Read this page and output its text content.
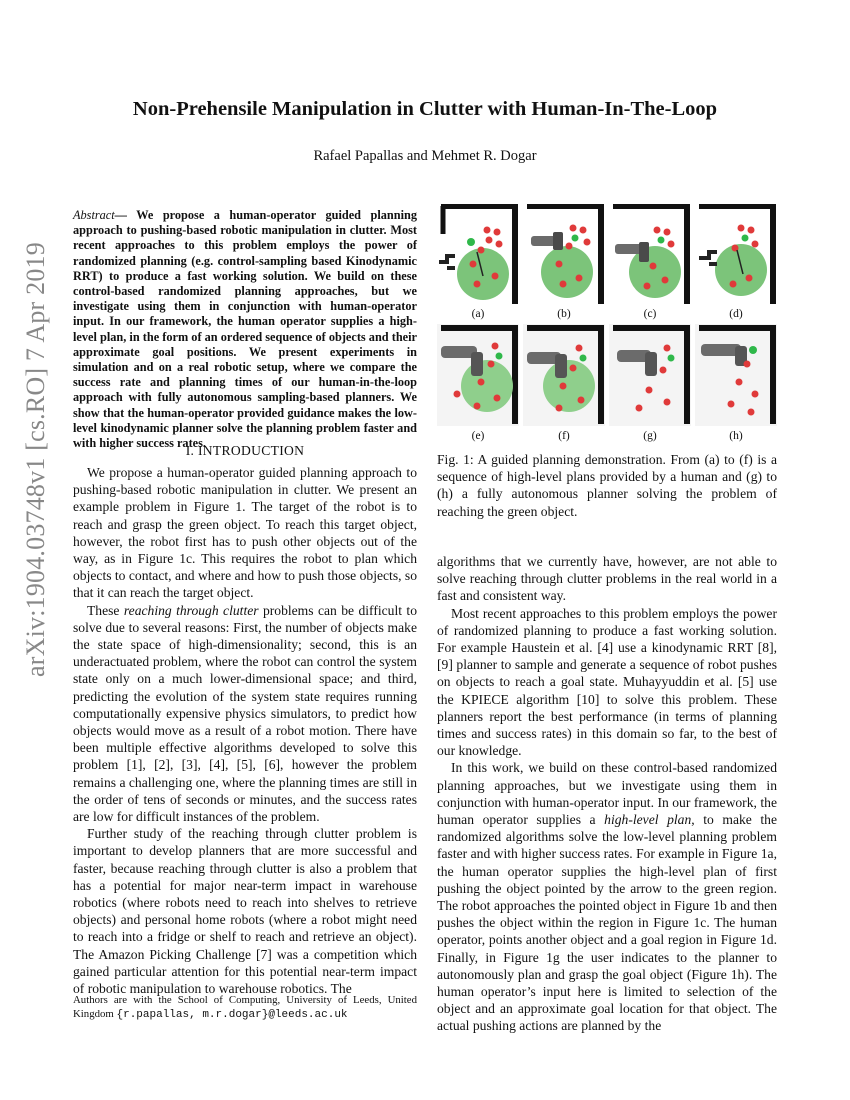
Non-Prehensile Manipulation in Clutter with Human-In-The-Loop
Rafael Papallas and Mehmet R. Dogar
arXiv:1904.03748v1 [cs.RO] 7 Apr 2019
Abstract— We propose a human-operator guided planning approach to pushing-based robotic manipulation in clutter. Most recent approaches to this problem employs the power of randomized planning (e.g. control-sampling based Kinodynamic RRT) to produce a fast working solution. We build on these control-based randomized planning approaches, but we investigate using them in conjunction with human-operator input. In our framework, the human operator supplies a high-level plan, in the form of an ordered sequence of objects and their approximate goal positions. We present experiments in simulation and on a real robotic setup, where we compare the success rate and planning times of our human-in-the-loop approach with fully autonomous sampling-based planners. We show that the human-operator provided guidance makes the low-level kinodynamic planner solve the planning problem faster and with higher success rates.
I. INTRODUCTION

We propose a human-operator guided planning approach to pushing-based robotic manipulation in clutter. We present an example problem in Figure 1. The target of the robot is to reach and grasp the green object. To reach this target object, however, the robot first has to push other objects out of the way, as in Figure 1c. This requires the robot to plan which objects to contact, and where and how to push those objects, so that it can reach the target object.

These reaching through clutter problems can be difficult to solve due to several reasons: First, the number of objects make the state space of high-dimensionality; second, this is an underactuated problem, where the robot can control the system state only on a much lower-dimensional space; and third, predicting the evolution of the system state requires running computationally expensive physics simulators, to predict how objects would move as a result of a robot motion. There have been multiple effective algorithms developed to solve this problem [1], [2], [3], [4], [5], [6], however the problem remains a challenging one, where the planning times are still in the order of tens of seconds or minutes, and the success rates are low for difficult instances of the problem.

Further study of the reaching through clutter problem is important to develop planners that are more successful and faster, because reaching through clutter is also a problem that has a potential for major near-term impact in warehouse robotics (where robots need to reach into shelves to retrieve objects) and personal home robots (where a robot might need to reach into a fridge or shelf to reach and retrieve an object). The Amazon Picking Challenge [7] was a competition which gained particular attention for this potential near-term impact of robotic manipulation to warehouse robotics. The

Authors are with the School of Computing, University of Leeds, United Kingdom {r.papallas, m.r.dogar}@leeds.ac.uk
(a)	(b)	(c)	(d)
(e)	(f)	(g)	(h)
Fig. 1: A guided planning demonstration. From (a) to (f) is a sequence of high-level plans provided by a human and (g) to (h) a fully autonomous planner solving the problem of reaching the green object.

algorithms that we currently have, however, are not able to solve reaching through clutter problems in the real world in a fast and consistent way.

Most recent approaches to this problem employs the power of randomized planning to produce a fast working solution. For example Haustein et al. [4] use a kinodynamic RRT [8], [9] planner to sample and generate a sequence of robot pushes on objects to reach a goal state. Muhayyuddin et al. [5] use the KPIECE algorithm [10] to solve this problem. These planners report the best performance (in terms of planning times and success rates) in this domain so far, to the best of our knowledge.

In this work, we build on these control-based randomized planning approaches, but we investigate using them in conjunction with human-operator input. In our framework, the human operator supplies a high-level plan, to make the randomized algorithms solve the low-level planning problem faster and with higher success rates. For example in Figure 1a, the human operator supplies the high-level plan of first pushing the object pointed by the arrow to the green region. The robot approaches the pointed object in Figure 1b and then pushes the object within the region in Figure 1c. The human operator, points another object and a goal region in Figure 1d. Finally, in Figure 1g the user indicates to the planner to autonomously plan and grasp the goal object (Figure 1h). The human operator’s input here is limited to selection of the object and an approximate goal location for that object. The actual pushing actions are planned by the
